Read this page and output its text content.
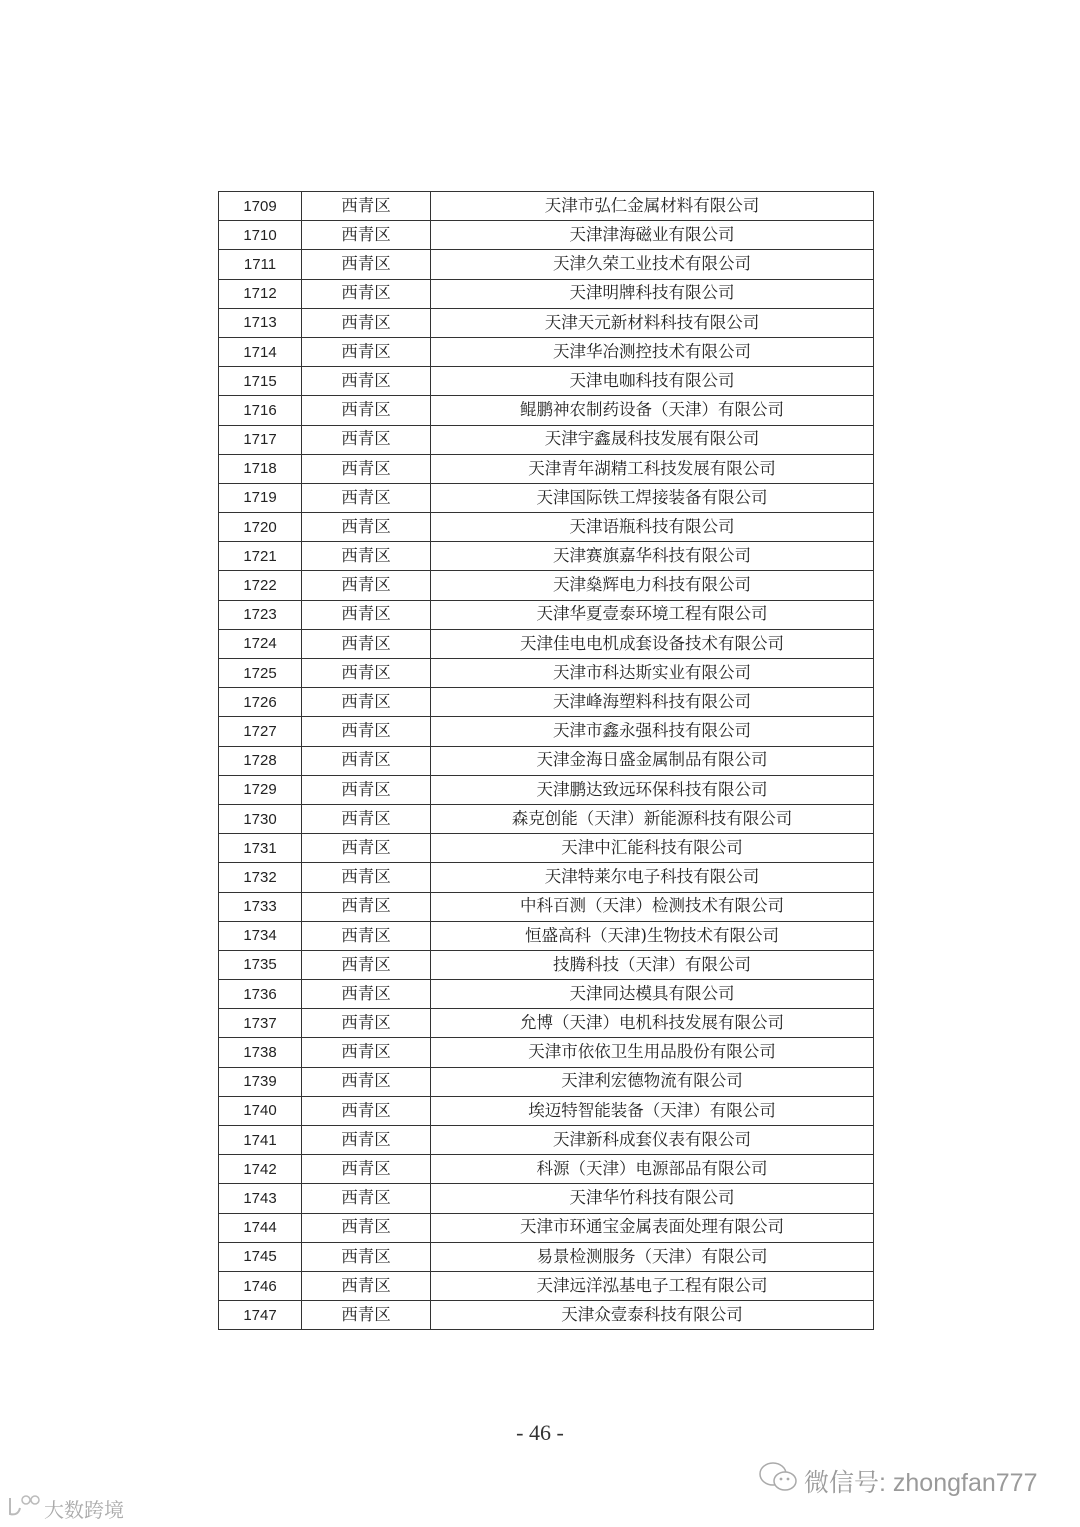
1709	西青区	天津市弘仁金属材料有限公司
1710	西青区	天津津海磁业有限公司
1711	西青区	天津久荣工业技术有限公司
1712	西青区	天津明牌科技有限公司
1713	西青区	天津天元新材料科技有限公司
1714	西青区	天津华冶测控技术有限公司
1715	西青区	天津电咖科技有限公司
1716	西青区	鲲鹏神农制药设备（天津）有限公司
1717	西青区	天津宇鑫晟科技发展有限公司
1718	西青区	天津青年湖精工科技发展有限公司
1719	西青区	天津国际铁工焊接装备有限公司
1720	西青区	天津语瓶科技有限公司
1721	西青区	天津赛旗嘉华科技有限公司
1722	西青区	天津燊辉电力科技有限公司
1723	西青区	天津华夏壹泰环境工程有限公司
1724	西青区	天津佳电电机成套设备技术有限公司
1725	西青区	天津市科达斯实业有限公司
1726	西青区	天津峰海塑料科技有限公司
1727	西青区	天津市鑫永强科技有限公司
1728	西青区	天津金海日盛金属制品有限公司
1729	西青区	天津鹏达致远环保科技有限公司
1730	西青区	森克创能（天津）新能源科技有限公司
1731	西青区	天津中汇能科技有限公司
1732	西青区	天津特莱尔电子科技有限公司
1733	西青区	中科百测（天津）检测技术有限公司
1734	西青区	恒盛高科（天津)生物技术有限公司
1735	西青区	技腾科技（天津）有限公司
1736	西青区	天津同达模具有限公司
1737	西青区	允博（天津）电机科技发展有限公司
1738	西青区	天津市依依卫生用品股份有限公司
1739	西青区	天津利宏德物流有限公司
1740	西青区	埃迈特智能装备（天津）有限公司
1741	西青区	天津新科成套仪表有限公司
1742	西青区	科源（天津）电源部品有限公司
1743	西青区	天津华竹科技有限公司
1744	西青区	天津市环通宝金属表面处理有限公司
1745	西青区	易景检测服务（天津）有限公司
1746	西青区	天津远洋泓基电子工程有限公司
1747	西青区	天津众壹泰科技有限公司
- 46 -
微信号: zhongfan777
大数跨境
